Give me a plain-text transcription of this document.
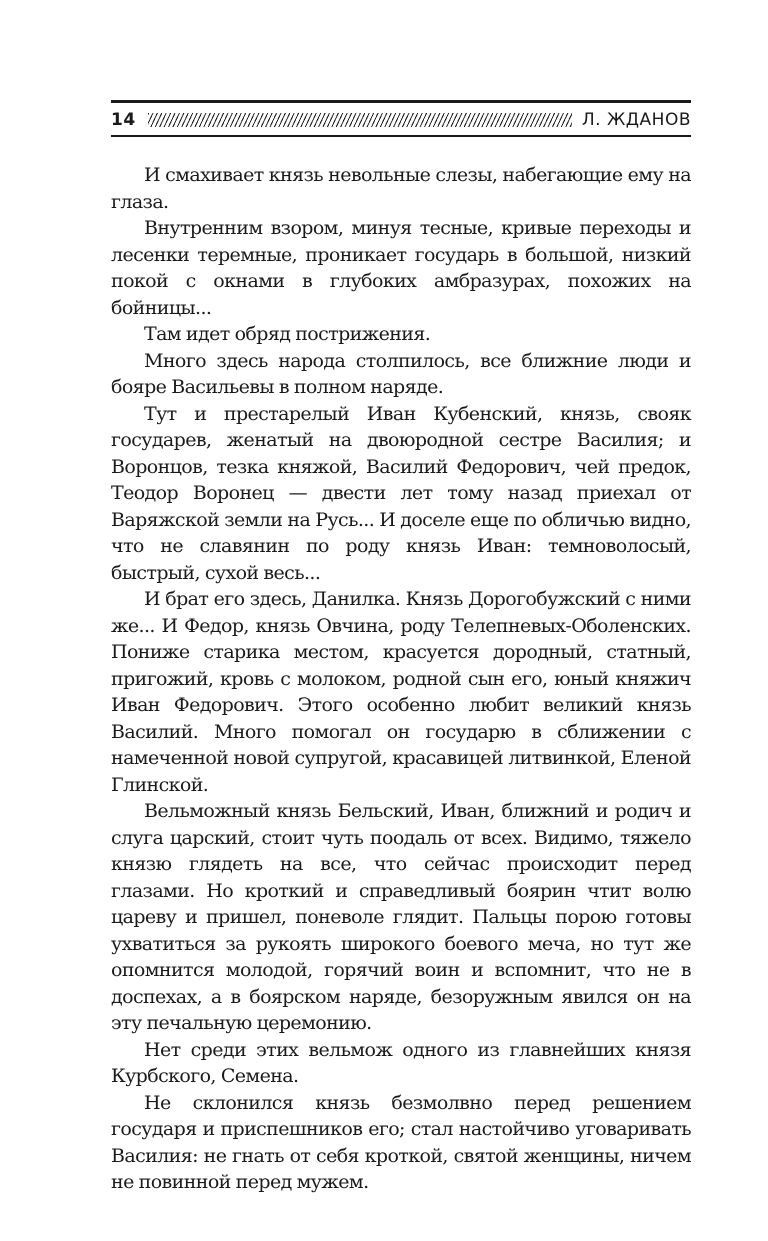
14	Л. ЖДАНОВ

И смахивает князь невольные слезы, набегающие ему на глаза.

Внутренним взором, минуя тесные, кривые переходы и лесенки теремные, проникает государь в большой, низкий покой с окнами в глубоких амбразурах, похожих на бойницы...

Там идет обряд пострижения.

Много здесь народа столпилось, все ближние люди и бояре Васильевы в полном наряде.

Тут и престарелый Иван Кубенский, князь, свояк государев, женатый на двоюродной сестре Василия; и Воронцов, тезка княжой, Василий Федорович, чей предок, Теодор Воронец — двести лет тому назад приехал от Варяжской земли на Русь... И доселе еще по обличью видно, что не славянин по роду князь Иван: темноволосый, быстрый, сухой весь...

И брат его здесь, Данилка. Князь Дорогобужский с ними же... И Федор, князь Овчина, роду Телепневых-Оболенских. Пониже старика местом, красуется дородный, статный, пригожий, кровь с молоком, родной сын его, юный княжич Иван Федорович. Этого особенно любит великий князь Василий. Много помогал он государю в сближении с намеченной новой супругой, красавицей литвинкой, Еленой Глинской.

Вельможный князь Бельский, Иван, ближний и родич и слуга царский, стоит чуть поодаль от всех. Видимо, тяжело князю глядеть на все, что сейчас происходит перед глазами. Но кроткий и справедливый боярин чтит волю цареву и пришел, поневоле глядит. Пальцы порою готовы ухватиться за рукоять широкого боевого меча, но тут же опомнится молодой, горячий воин и вспомнит, что не в доспехах, а в боярском наряде, безоружным явился он на эту печальную церемонию.

Нет среди этих вельмож одного из главнейших князя Курбского, Семена.

Не склонился князь безмолвно перед решением государя и приспешников его; стал настойчиво уговаривать Василия: не гнать от себя кроткой, святой женщины, ничем не повинной перед мужем.
